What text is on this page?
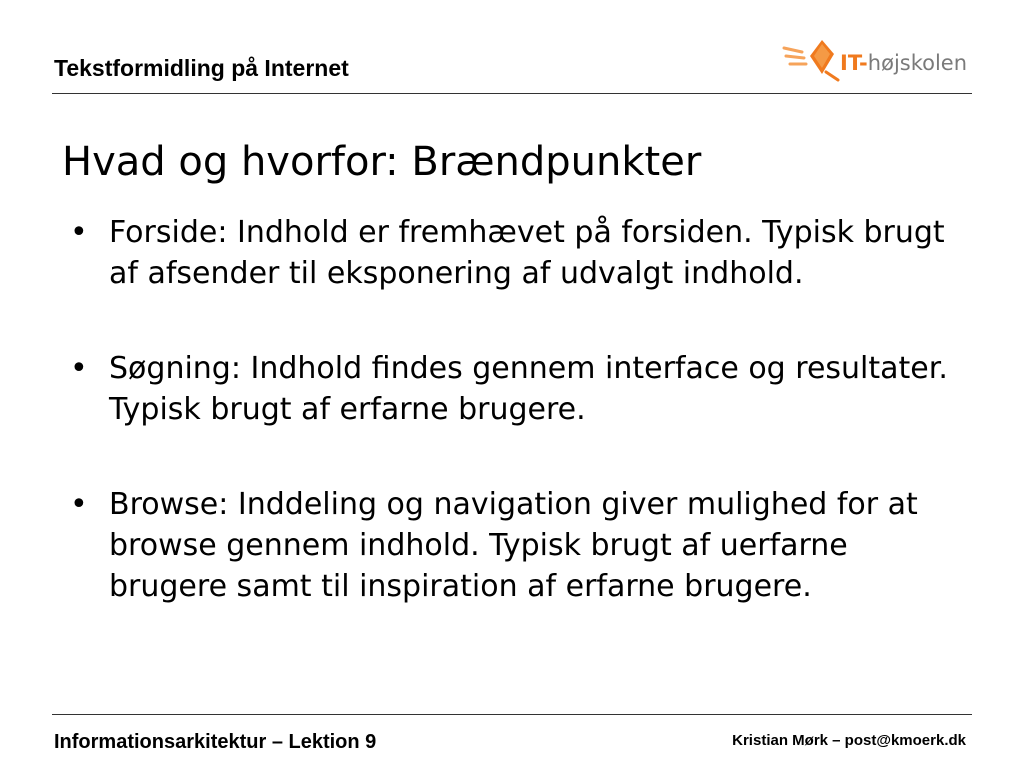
Tekstformidling på Internet	IT-højskolen
Hvad og hvorfor: Brændpunkter
• Forside: Indhold er fremhævet på forsiden. Typisk brugt af afsender til eksponering af udvalgt indhold.
• Søgning: Indhold findes gennem interface og resultater. Typisk brugt af erfarne brugere.
• Browse: Inddeling og navigation giver mulighed for at browse gennem indhold. Typisk brugt af uerfarne brugere samt til inspiration af erfarne brugere.
Informationsarkitektur – Lektion 9	Kristian Mørk – post@kmoerk.dk
